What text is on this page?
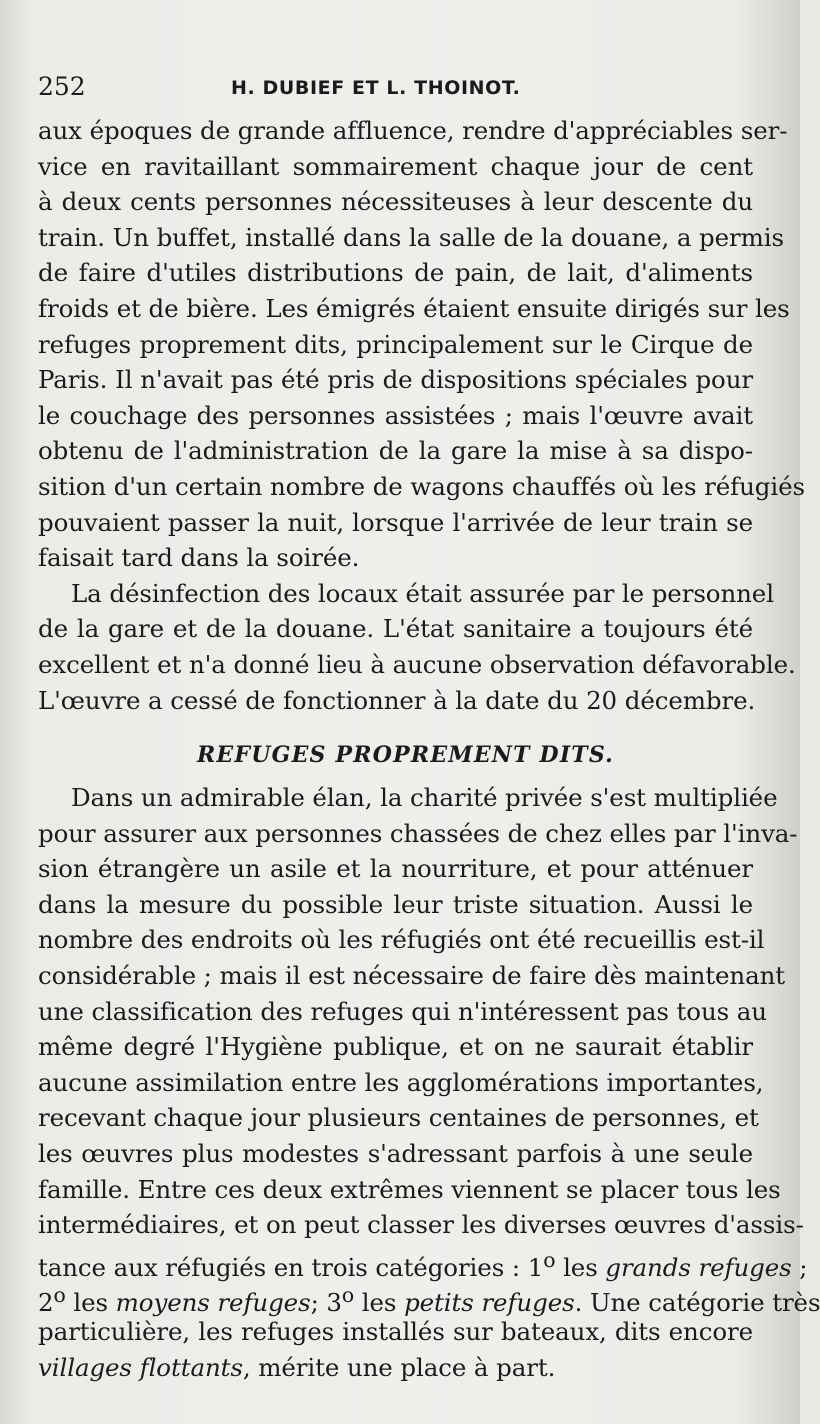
252	H. DUBIEF ET L. THOINOT.
aux époques de grande affluence, rendre d'appréciables ser-
vice en ravitaillant sommairement chaque jour de cent
à deux cents personnes nécessiteuses à leur descente du
train. Un buffet, installé dans la salle de la douane, a permis
de faire d'utiles distributions de pain, de lait, d'aliments
froids et de bière. Les émigrés étaient ensuite dirigés sur les
refuges proprement dits, principalement sur le Cirque de
Paris. Il n'avait pas été pris de dispositions spéciales pour
le couchage des personnes assistées ; mais l'œuvre avait
obtenu de l'administration de la gare la mise à sa dispo-
sition d'un certain nombre de wagons chauffés où les réfugiés
pouvaient passer la nuit, lorsque l'arrivée de leur train se
faisait tard dans la soirée.
La désinfection des locaux était assurée par le personnel
de la gare et de la douane. L'état sanitaire a toujours été
excellent et n'a donné lieu à aucune observation défavorable.
L'œuvre a cessé de fonctionner à la date du 20 décembre.
REFUGES PROPREMENT DITS.
Dans un admirable élan, la charité privée s'est multipliée
pour assurer aux personnes chassées de chez elles par l'inva-
sion étrangère un asile et la nourriture, et pour atténuer
dans la mesure du possible leur triste situation. Aussi le
nombre des endroits où les réfugiés ont été recueillis est-il
considérable ; mais il est nécessaire de faire dès maintenant
une classification des refuges qui n'intéressent pas tous au
même degré l'Hygiène publique, et on ne saurait établir
aucune assimilation entre les agglomérations importantes,
recevant chaque jour plusieurs centaines de personnes, et
les œuvres plus modestes s'adressant parfois à une seule
famille. Entre ces deux extrêmes viennent se placer tous les
intermédiaires, et on peut classer les diverses œuvres d'assis-
tance aux réfugiés en trois catégories : 1$^o$ les grands refuges ;
2$^o$ les moyens refuges; 3$^o$ les petits refuges. Une catégorie très
particulière, les refuges installés sur bateaux, dits encore
villages flottants, mérite une place à part.
